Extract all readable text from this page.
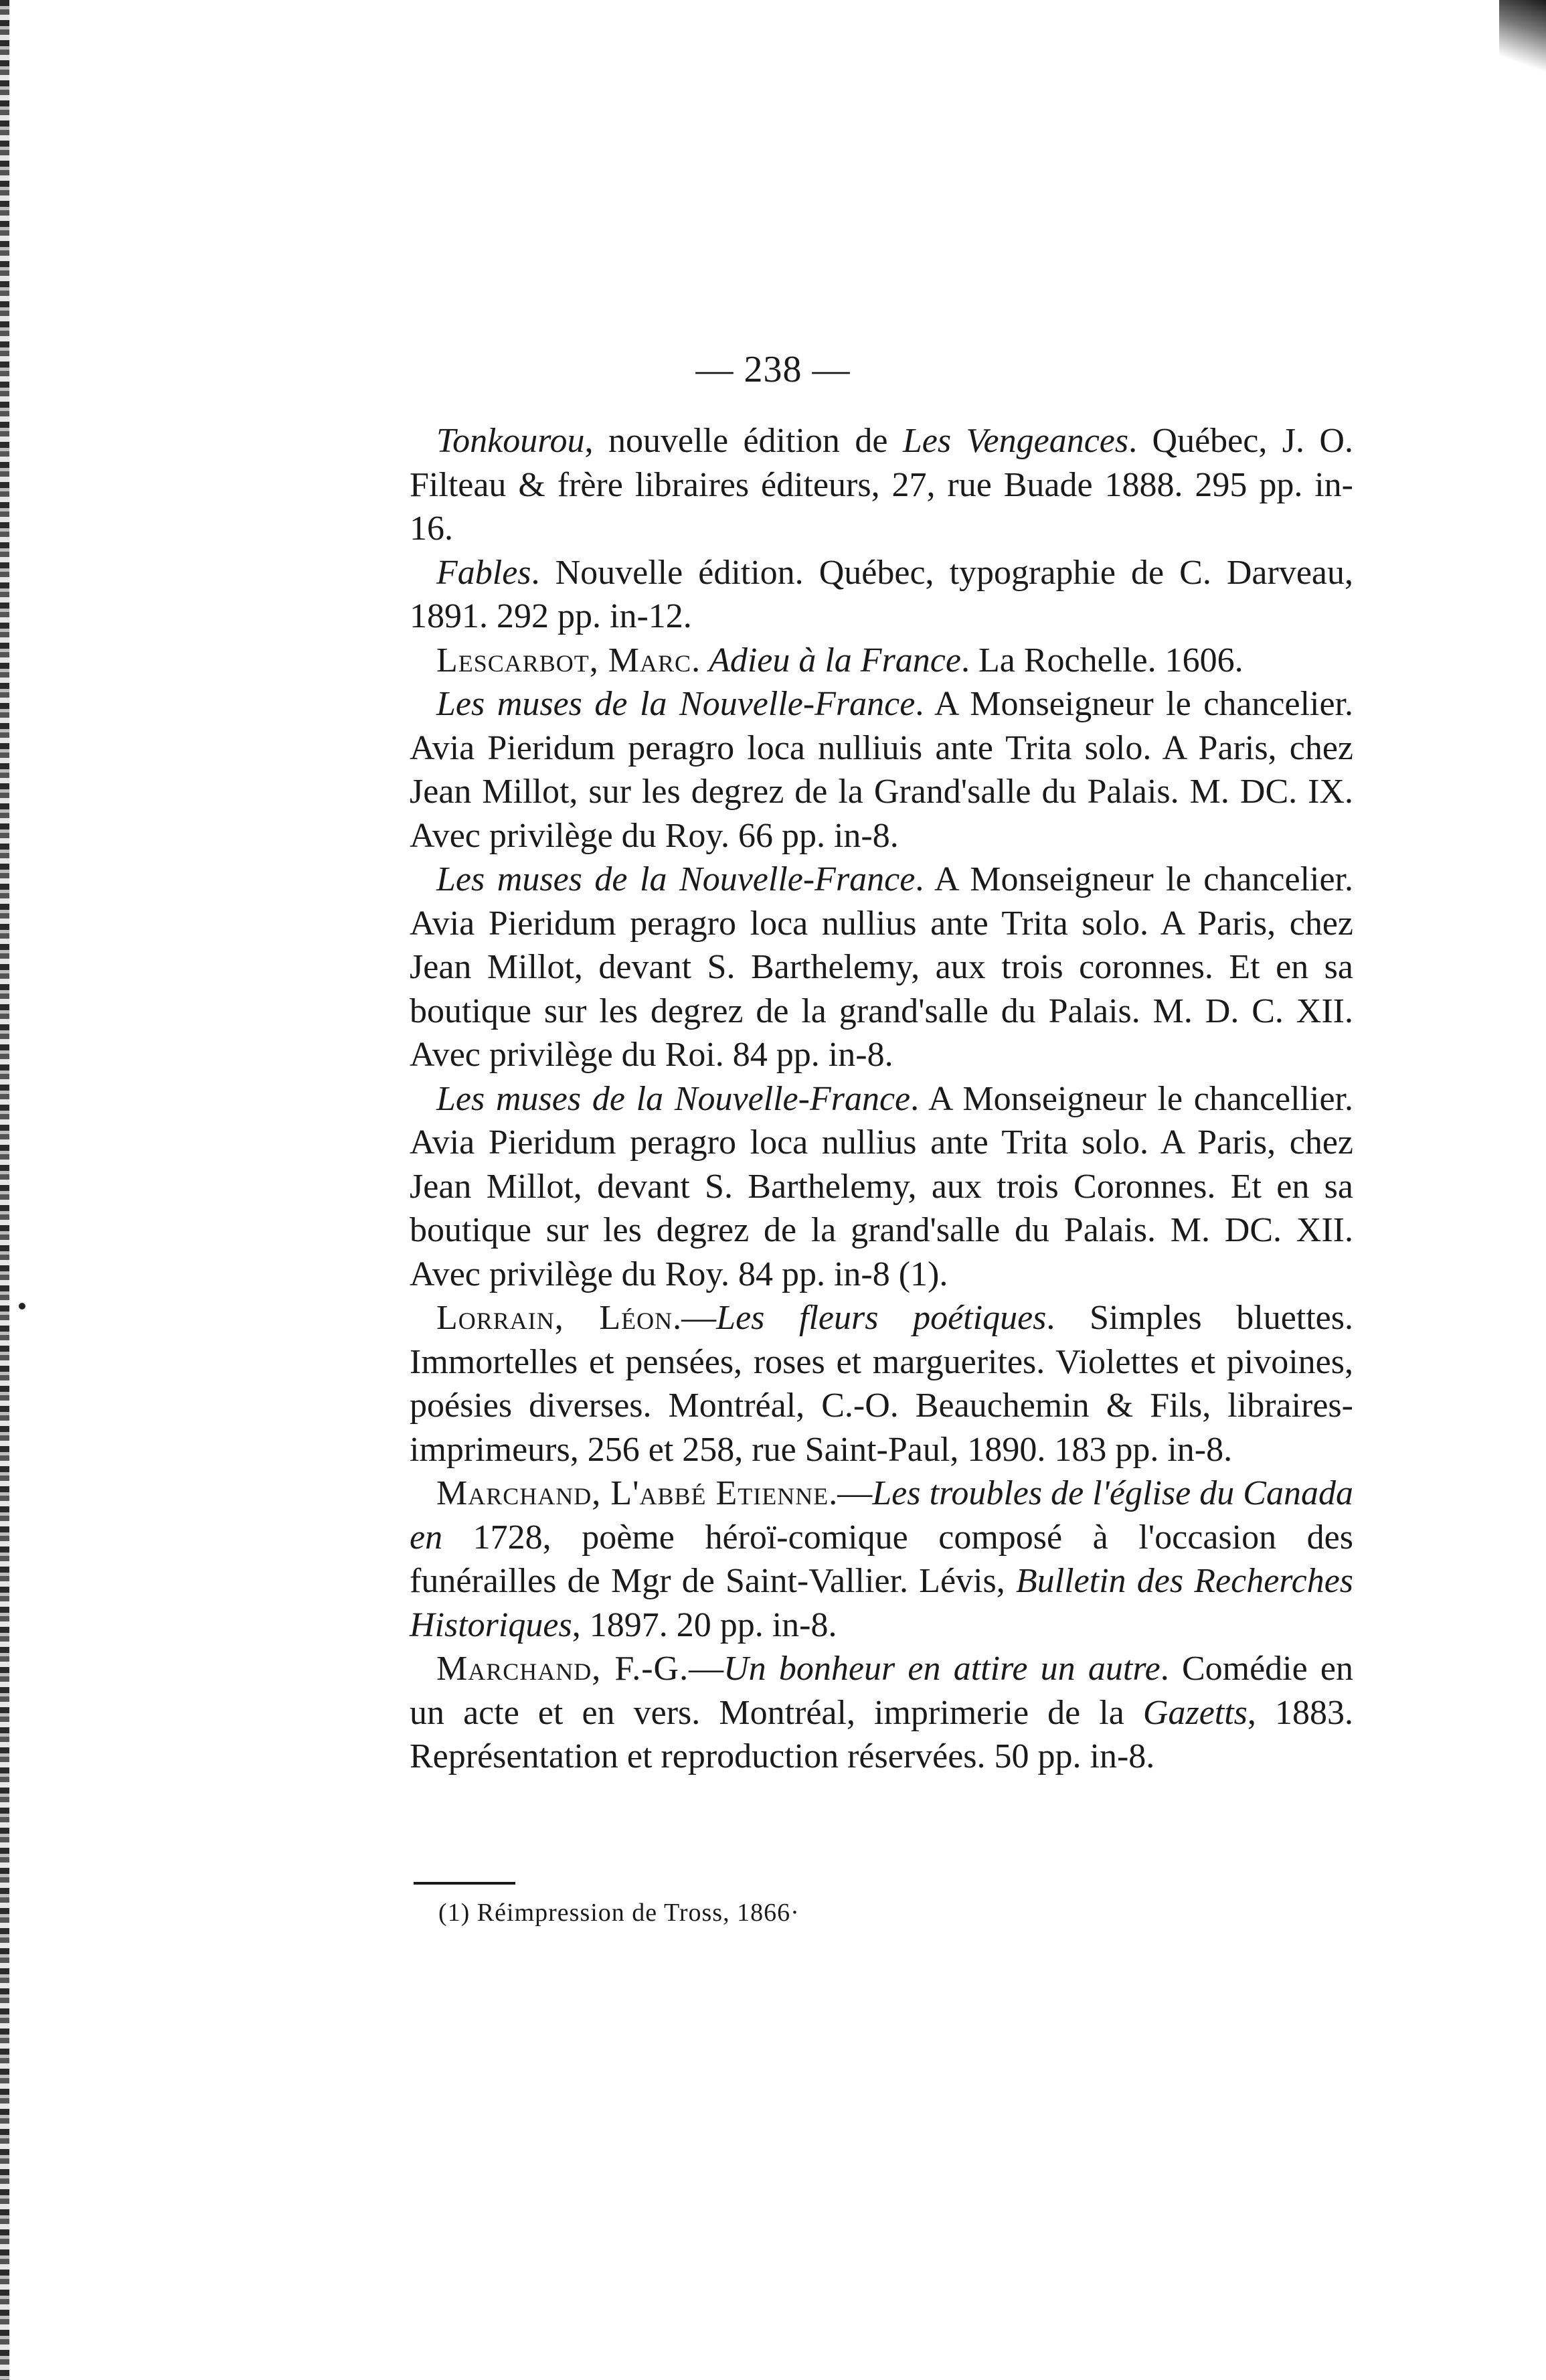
— 238 —

Tonkourou, nouvelle édition de Les Vengeances. Québec, J. O. Filteau & frère libraires éditeurs, 27, rue Buade 1888. 295 pp. in-16.

Fables. Nouvelle édition. Québec, typographie de C. Darveau, 1891. 292 pp. in-12.

Lescarbot, Marc. Adieu à la France. La Rochelle. 1606.

Les muses de la Nouvelle-France. A Monseigneur le chancelier. Avia Pieridum peragro loca nulliuis ante Trita solo. A Paris, chez Jean Millot, sur les degrez de la Grand'salle du Palais. M. DC. IX. Avec privilège du Roy. 66 pp. in-8.

Les muses de la Nouvelle-France. A Monseigneur le chancelier. Avia Pieridum peragro loca nullius ante Trita solo. A Paris, chez Jean Millot, devant S. Barthelemy, aux trois coronnes. Et en sa boutique sur les degrez de la grand'salle du Palais. M. D. C. XII. Avec privilège du Roi. 84 pp. in-8.

Les muses de la Nouvelle-France. A Monseigneur le chancellier. Avia Pieridum peragro loca nullius ante Trita solo. A Paris, chez Jean Millot, devant S. Barthelemy, aux trois Coronnes. Et en sa boutique sur les degrez de la grand'salle du Palais. M. DC. XII. Avec privilège du Roy. 84 pp. in-8 (1).

Lorrain, Léon.—Les fleurs poétiques. Simples bluettes. Immortelles et pensées, roses et marguerites. Violettes et pivoines, poésies diverses. Montréal, C.-O. Beauchemin & Fils, libraires-imprimeurs, 256 et 258, rue Saint-Paul, 1890. 183 pp. in-8.

Marchand, L'abbé Etienne.—Les troubles de l'église du Canada en 1728, poème héroï-comique composé à l'occasion des funérailles de Mgr de Saint-Vallier. Lévis, Bulletin des Recherches Historiques, 1897. 20 pp. in-8.

Marchand, F.-G.—Un bonheur en attire un autre. Comédie en un acte et en vers. Montréal, imprimerie de la Gazetts, 1883. Représentation et reproduction réservées. 50 pp. in-8.

(1) Réimpression de Tross, 1866·
